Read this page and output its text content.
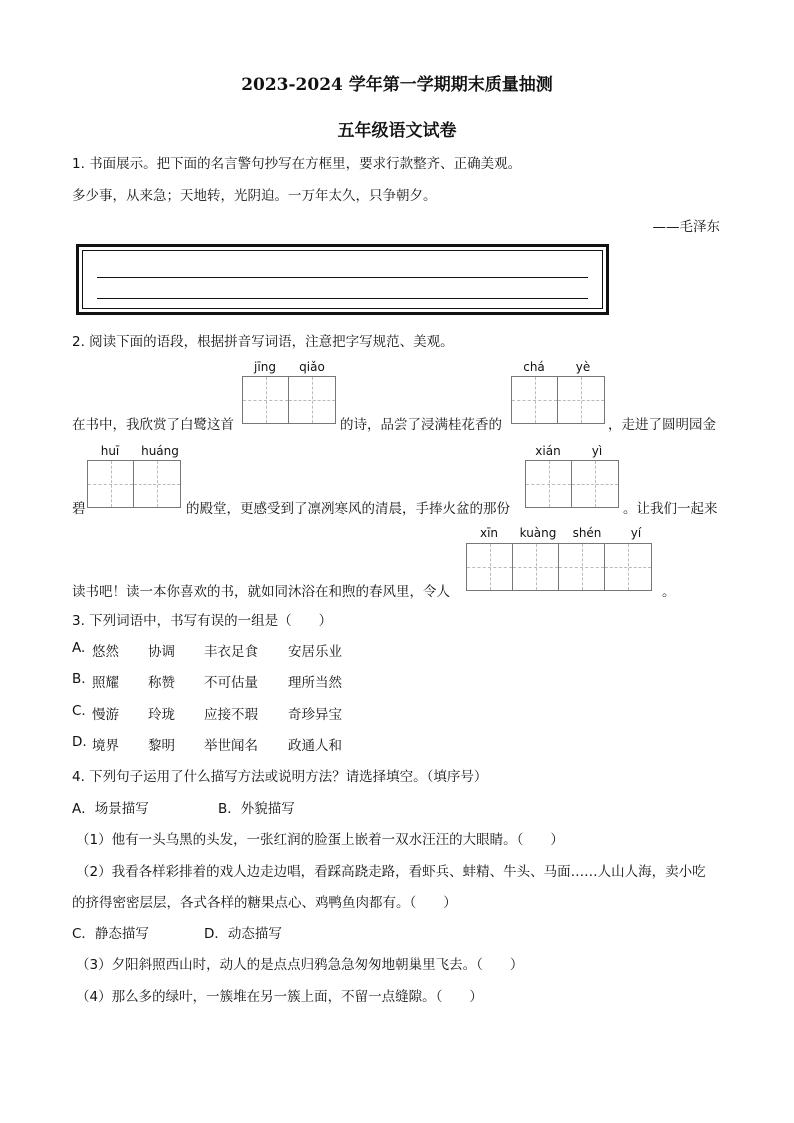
2023-2024 学年第一学期期末质量抽测
五年级语文试卷
1. 书面展示。把下面的名言警句抄写在方框里，要求行款整齐、正确美观。
多少事，从来急；天地转，光阴迫。一万年太久，只争朝夕。
——毛泽东
2. 阅读下面的语段，根据拼音写词语，注意把字写规范、美观。
jīng	qiǎo	chá	yè
在书中，我欣赏了白鹭这首	的诗，品尝了浸满桂花香的	，走进了圆明园金
huī	huáng	xián	yì
碧	的殿堂，更感受到了凛冽寒风的清晨，手捧火盆的那份	。让我们一起来
xīn	kuàng	shén	yí
读书吧！读一本你喜欢的书，就如同沐浴在和煦的春风里，令人	。
3. 下列词语中，书写有误的一组是（　　）
A. 悠然 协调 丰衣足食 安居乐业
B. 照耀 称赞 不可估量 理所当然
C. 慢游 玲珑 应接不瑕 奇珍异宝
D. 境界 黎明 举世闻名 政通人和
4. 下列句子运用了什么描写方法或说明方法？请选择填空。（填序号）
A．场景描写	B．外貌描写
（1）他有一头乌黑的头发，一张红润的脸蛋上嵌着一双水汪汪的大眼睛。（　　）
（2）我看各样彩排着的戏人边走边唱，看踩高跷走路，看虾兵、蚌精、牛头、马面……人山人海，卖小吃
的挤得密密层层，各式各样的糖果点心、鸡鸭鱼肉都有。（　　）
C．静态描写	D．动态描写
（3）夕阳斜照西山时，动人的是点点归鸦急急匆匆地朝巢里飞去。（　　）
（4）那么多的绿叶，一簇堆在另一簇上面，不留一点缝隙。（　　）
